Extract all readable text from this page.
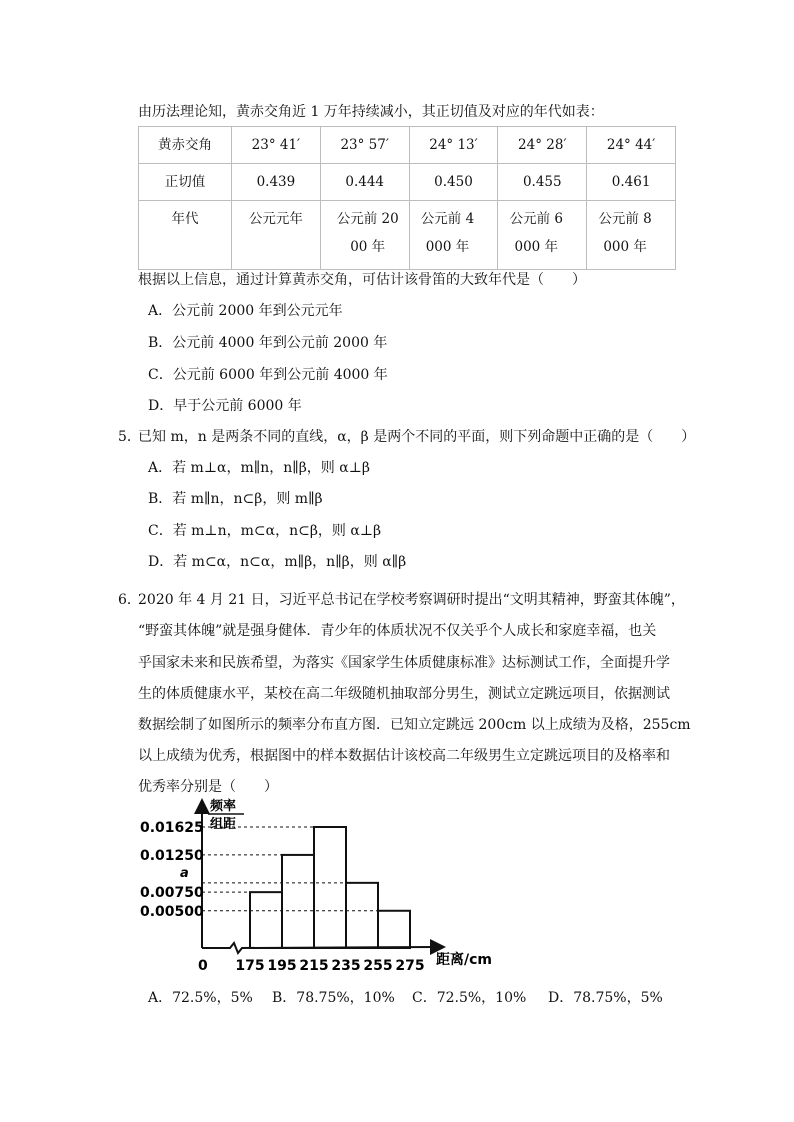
由历法理论知，黄赤交角近 1 万年持续减小，其正切值及对应的年代如表：
黄赤交角	23° 41′	23° 57′	24° 13′	24° 28′	24° 44′
正切值	0.439	0.444	0.450	0.455	0.461
年代	公元元年	公元前 2000 年	公元前 4000 年	公元前 6000 年	公元前 8000 年
根据以上信息，通过计算黄赤交角，可估计该骨笛的大致年代是（　　）
A．公元前 2000 年到公元元年
B．公元前 4000 年到公元前 2000 年
C．公元前 6000 年到公元前 4000 年
D．早于公元前 6000 年
5．
已知 m，n 是两条不同的直线，α，β 是两个不同的平面，则下列命题中正确的是（　　）
A．若 m⊥α，m∥n，n∥β，则 α⊥β
B．若 m∥n，n⊂β，则 m∥β
C．若 m⊥n，m⊂α，n⊂β，则 α⊥β
D．若 m⊂α，n⊂α，m∥β，n∥β，则 α∥β
6．
2020 年 4 月 21 日，习近平总书记在学校考察调研时提出“文明其精神，野蛮其体魄”，
“野蛮其体魄”就是强身健体．青少年的体质状况不仅关乎个人成长和家庭幸福，也关
乎国家未来和民族希望，为落实《国家学生体质健康标准》达标测试工作，全面提升学
生的体质健康水平，某校在高二年级随机抽取部分男生，测试立定跳远项目，依据测试
数据绘制了如图所示的频率分布直方图．已知立定跳远 200cm 以上成绩为及格，255cm
以上成绩为优秀，根据图中的样本数据估计该校高二年级男生立定跳远项目的及格率和
优秀率分别是（　　）
频率
组距
0.01625
0.01250
a
0.00750
0.00500
0 175 195 215 235 255 275 距离/cm
A．72.5%，5% B．78.75%，10% C．72.5%，10% D．78.75%，5%
